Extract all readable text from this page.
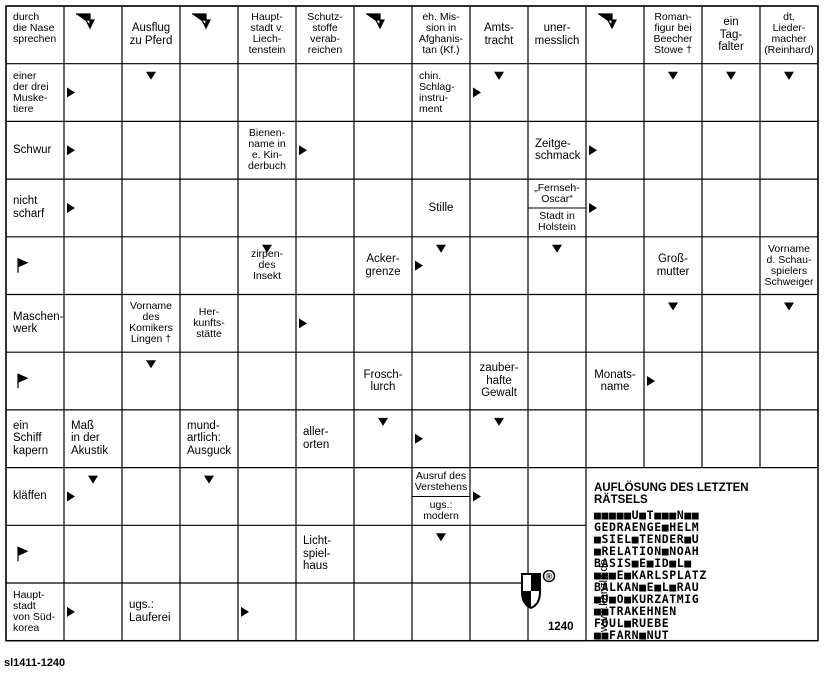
durch
die Nase
sprechen
Ausflug
zu Pferd
Haupt-
stadt v.
Liech-
tenstein
Schutz-
stoffe
verab-
reichen
eh. Mis-
sion in
Afghanis-
tan (Kf.)
Amts-
tracht
uner-
messlich
Roman-
figur bei
Beecher
Stowe †
ein
Tag-
falter
dt.
Lieder-
macher
(Reinhard)
einer
der drei
Muske-
tiere
chin.
Schlag-
instru-
ment
Bienen-
name in
e. Kin-
derbuch
Schwur
Zeitge-
schmack
nicht
scharf
„Fernseh-
Oscar“
Stille
Stadt in
Holstein
zirpen-
des
Insekt
Acker-
grenze
Groß-
mutter
Vorname
d. Schau-
spielers
Schweiger
Maschen-
werk
Vorname
des
Komikers
Lingen †
Her-
kunfts-
stätte
Frosch-
lurch
zauber-
hafte
Gewalt
Monats-
name
ein
Schiff
kapern
Maß
in der
Akustik
mund-
artlich:
Ausguck
aller-
orten
kläffen
Ausruf des
Verstehens
ugs.:
modern
Licht-
spiel-
haus
Haupt-
stadt
von Süd-
korea
ugs.:
Lauferei
AUFLÖSUNG DES LETZTEN
RÄTSELS
■■■■■U■T■■■N■■
GEDRAENGE■HELM
■SIEL■TENDER■U
■RELATION■NOAH
BASIS■E■ID■L■
■■■E■KARLSPLATZ
BALKAN■E■L■RAU
■U■O■KURZATMIG
■■TRAKEHNEN
FOUL■RUEBE
■■FARN■NUT
www.kanzlit.de
1240
®
sl1411-1240
